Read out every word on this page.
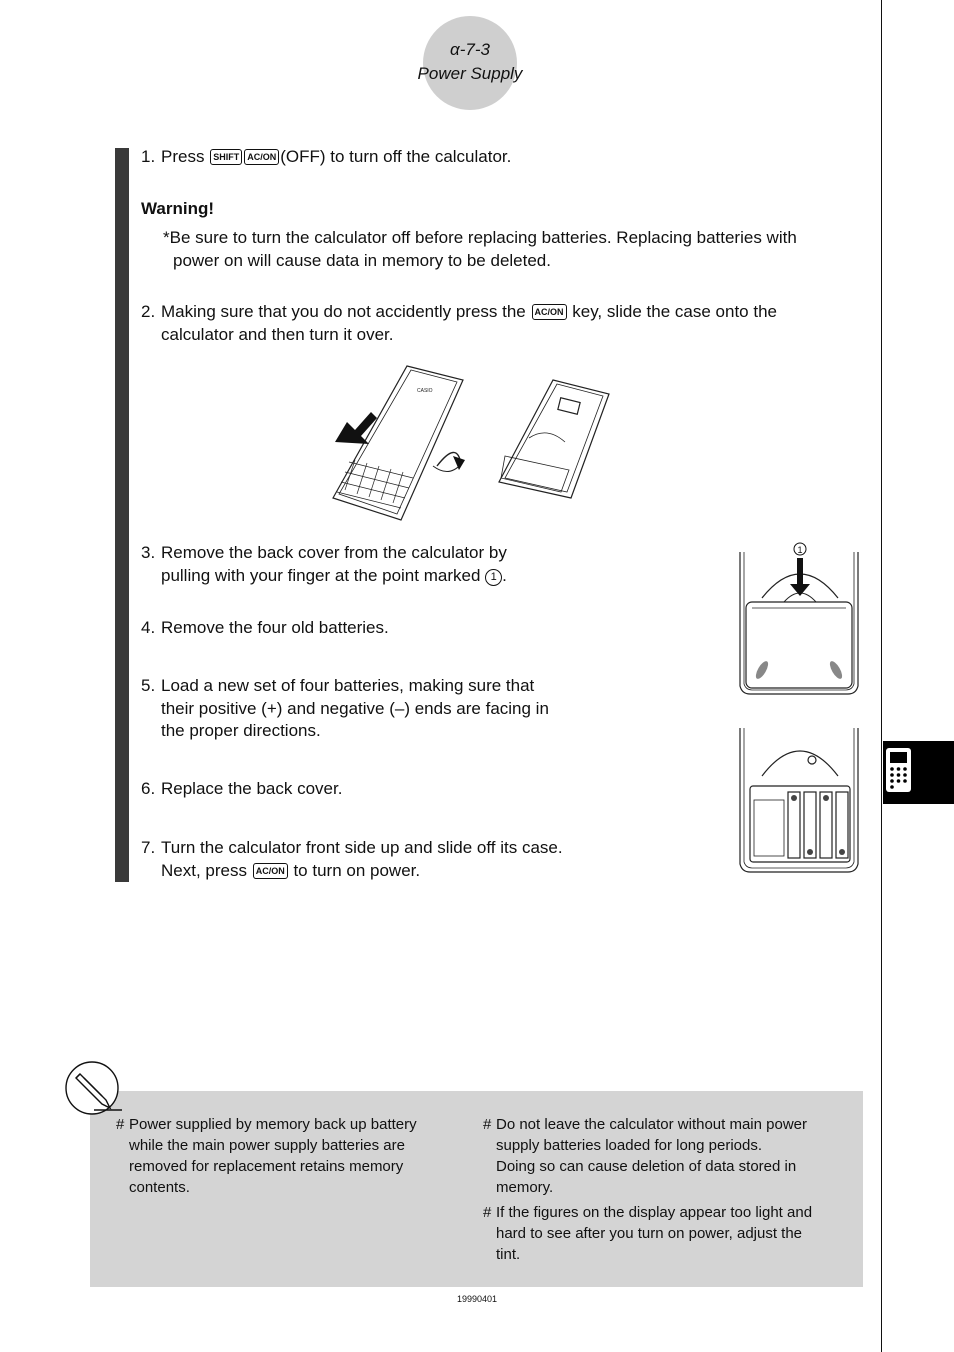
α-7-3
Power Supply
1. Press SHIFT AC/ON (OFF) to turn off the calculator.
Warning!
*Be sure to turn the calculator off before replacing batteries. Replacing batteries with
power on will cause data in memory to be deleted.
2. Making sure that you do not accidently press the AC/ON key, slide the case onto the
calculator and then turn it over.
CASIO
3. Remove the back cover from the calculator by
pulling with your finger at the point marked 1 .
4. Remove the four old batteries.
5. Load a new set of four batteries, making sure that
their positive (+) and negative (–) ends are facing in
the proper directions.
6. Replace the back cover.
7. Turn the calculator front side up and slide off its case.
Next, press AC/ON to turn on power.
1
# Power supplied by memory back up battery
while the main power supply batteries are
removed for replacement retains memory
contents.
# Do not leave the calculator without main power
supply batteries loaded for long periods.
Doing so can cause deletion of data stored in
memory.
# If the figures on the display appear too light and
hard to see after you turn on power, adjust the
tint.
19990401
